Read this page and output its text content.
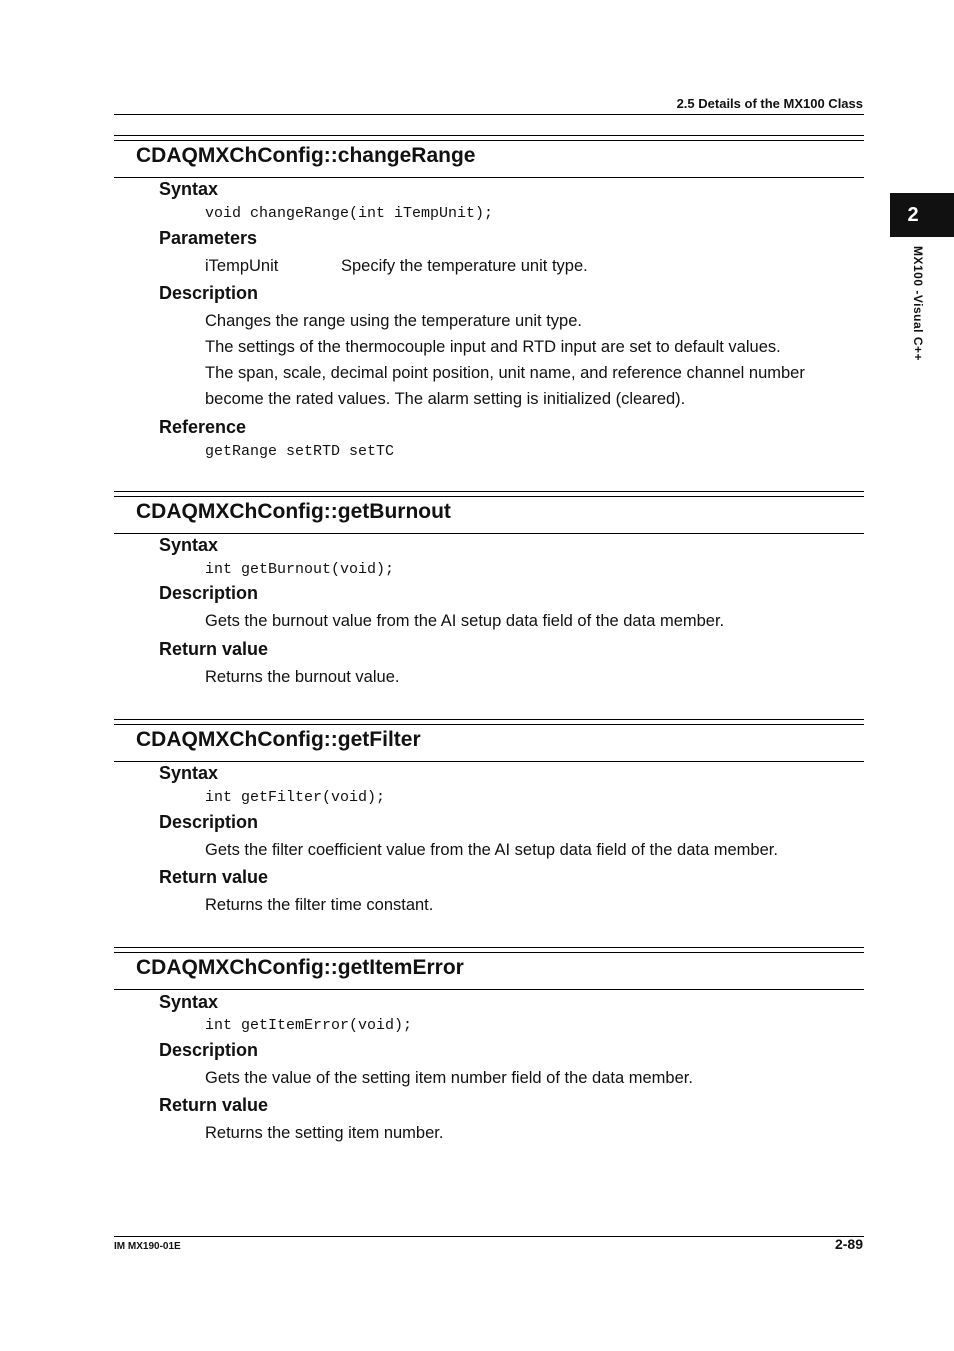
2.5 Details of the MX100 Class
2
MX100 -Visual C++
CDAQMXChConfig::changeRange
Syntax
void changeRange(int iTempUnit);
Parameters
iTempUnit	Specify the temperature unit type.
Description
Changes the range using the temperature unit type.
The settings of the thermocouple input and RTD input are set to default values.
The span, scale, decimal point position, unit name, and reference channel number
become the rated values. The alarm setting is initialized (cleared).
Reference
getRange setRTD setTC
CDAQMXChConfig::getBurnout
Syntax
int getBurnout(void);
Description
Gets the burnout value from the AI setup data field of the data member.
Return value
Returns the burnout value.
CDAQMXChConfig::getFilter
Syntax
int getFilter(void);
Description
Gets the filter coefficient value from the AI setup data field of the data member.
Return value
Returns the filter time constant.
CDAQMXChConfig::getItemError
Syntax
int getItemError(void);
Description
Gets the value of the setting item number field of the data member.
Return value
Returns the setting item number.
IM MX190-01E	2-89
